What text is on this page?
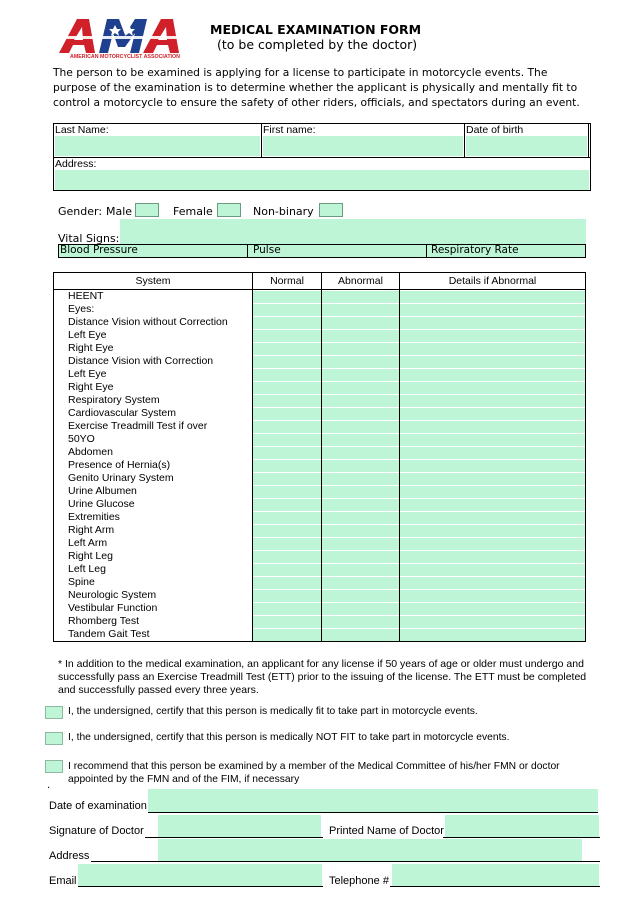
AMERICAN MOTORCYCLIST ASSOCIATION
MEDICAL EXAMINATION FORM
(to be completed by the doctor)
The person to be examined is applying for a license to participate in motorcycle events. The purpose of the examination is to determine whether the applicant is physically and mentally fit to control a motorcycle to ensure the safety of other riders, officials, and spectators during an event.
Last Name:	First name:	Date of birth
Address:
Gender: Male	Female	Non-binary
Vital Signs:
Blood Pressure	Pulse	Respiratory Rate
System	Normal	Abnormal	Details if Abnormal
HEENT	

Eyes:	

Distance Vision without Correction	

Left Eye	

Right Eye	

Distance Vision with Correction	

Left Eye	

Right Eye	

Respiratory System	

Cardiovascular System	

Exercise Treadmill Test if over	

50YO	

Abdomen	

Presence of Hernia(s)	

Genito Urinary System	

Urine Albumen	

Urine Glucose	

Extremities	

Right Arm	

Left Arm	

Right Leg	

Left Leg	

Spine	

Neurologic System	

Vestibular Function	

Rhomberg Test	

Tandem Gait Test	

* In addition to the medical examination, an applicant for any license if 50 years of age or older must undergo and successfully pass an Exercise Treadmill Test (ETT) prior to the issuing of the license. The ETT must be completed and successfully passed every three years.
I, the undersigned, certify that this person is medically fit to take part in motorcycle events.
I, the undersigned, certify that this person is medically NOT FIT to take part in motorcycle events.
I recommend that this person be examined by a member of the Medical Committee of his/her FMN or doctor appointed by the FMN and of the FIM, if necessary
.
Date of examination
Signature of Doctor	Printed Name of Doctor
Address
Email	Telephone #
